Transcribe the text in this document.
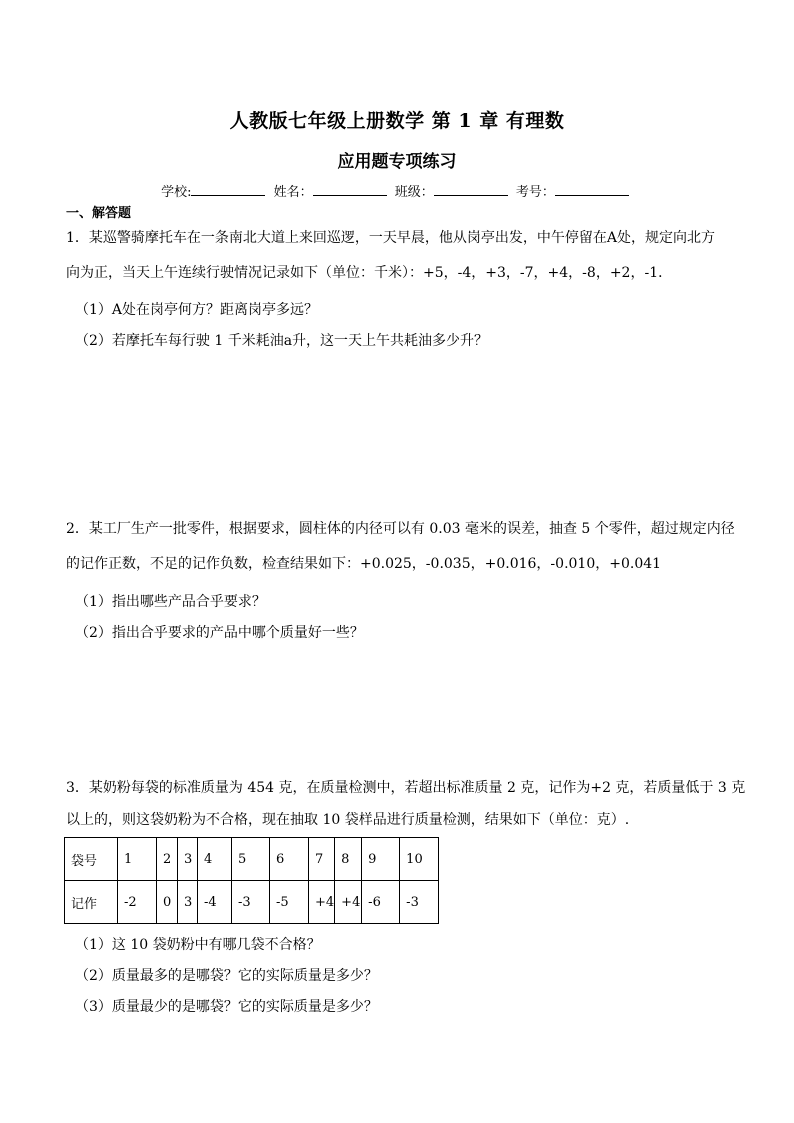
人教版七年级上册数学 第 1 章 有理数
应用题专项练习
学校:	姓名：	班级：	考号：
一、解答题
1．某巡警骑摩托车在一条南北大道上来回巡逻，一天早晨，他从岗亭出发，中午停留在A处，规定向北方
向为正，当天上午连续行驶情况记录如下（单位：千米）：+5，-4，+3，-7，+4，-8，+2，-1．
（1）A处在岗亭何方？距离岗亭多远？
（2）若摩托车每行驶 1 千米耗油a升，这一天上午共耗油多少升？
2．某工厂生产一批零件，根据要求，圆柱体的内径可以有 0.03 毫米的误差，抽查 5 个零件，超过规定内径
的记作正数，不足的记作负数，检查结果如下：+0.025，-0.035，+0.016，-0.010，+0.041
（1）指出哪些产品合乎要求？
（2）指出合乎要求的产品中哪个质量好一些？
3．某奶粉每袋的标准质量为 454 克，在质量检测中，若超出标准质量 2 克，记作为+2 克，若质量低于 3 克
以上的，则这袋奶粉为不合格，现在抽取 10 袋样品进行质量检测，结果如下（单位：克）.
袋号	1	2	3	4	5	6	7	8	9	10
记作	-2	0	3	-4	-3	-5	+4	+4	-6	-3
（1）这 10 袋奶粉中有哪几袋不合格？
（2）质量最多的是哪袋？它的实际质量是多少？
（3）质量最少的是哪袋？它的实际质量是多少？
